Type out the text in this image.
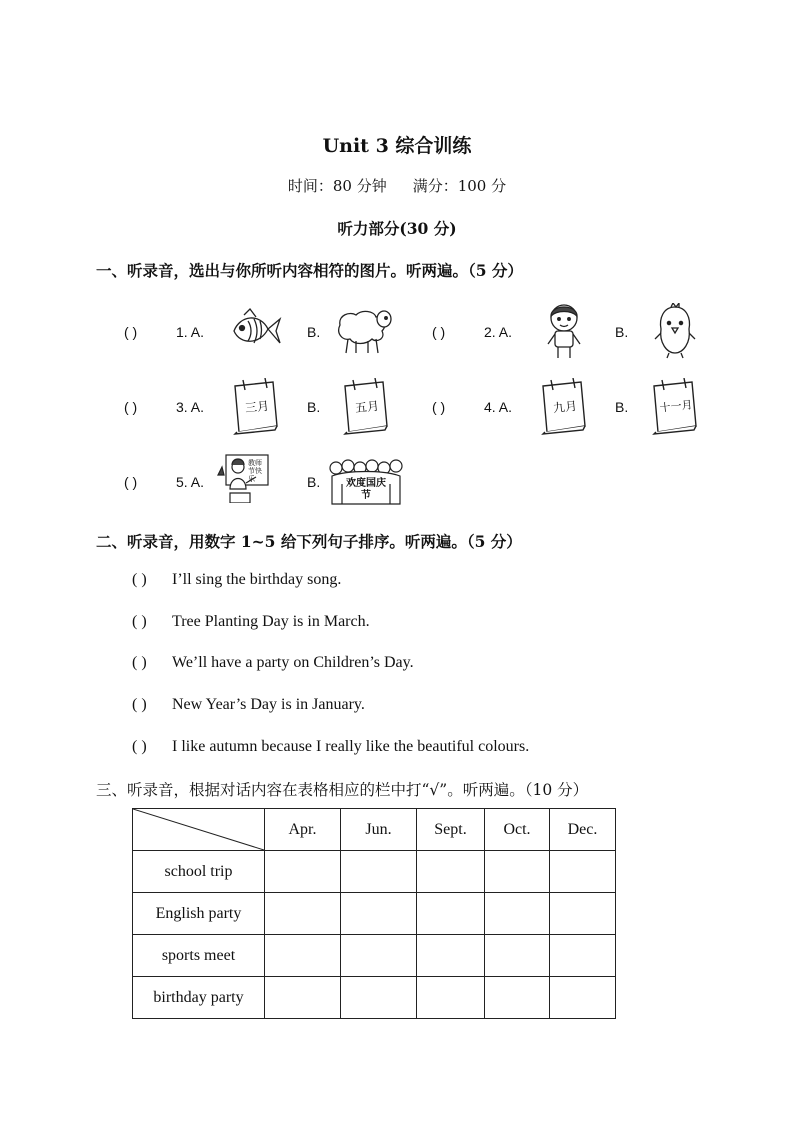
Unit 3 综合训练
时间：80 分钟 满分：100 分
听力部分(30 分)
一、听录音，选出与你所听内容相符的图片。听两遍。（5 分）
( )	1. A.	B.	( )	2. A.	B.
( )	3. A.	三月	B.	五月	( )	4. A.	九月	B.	十一月
( )	5. A.
教师节快乐	B.	欢度国庆节
二、听录音，用数字 1~5 给下列句子排序。听两遍。（5 分）
( ) I’ll sing the birthday song.
( ) Tree Planting Day is in March.
( ) We’ll have a party on Children’s Day.
( ) New Year’s Day is in January.
( ) I like autumn because I really like the beautiful colours.
三、听录音，根据对话内容在表格相应的栏中打“√”。听两遍。（10 分）
	Apr.	Jun.	Sept.	Oct.	Dec.
school trip					
English party					
sports meet					
birthday party					
